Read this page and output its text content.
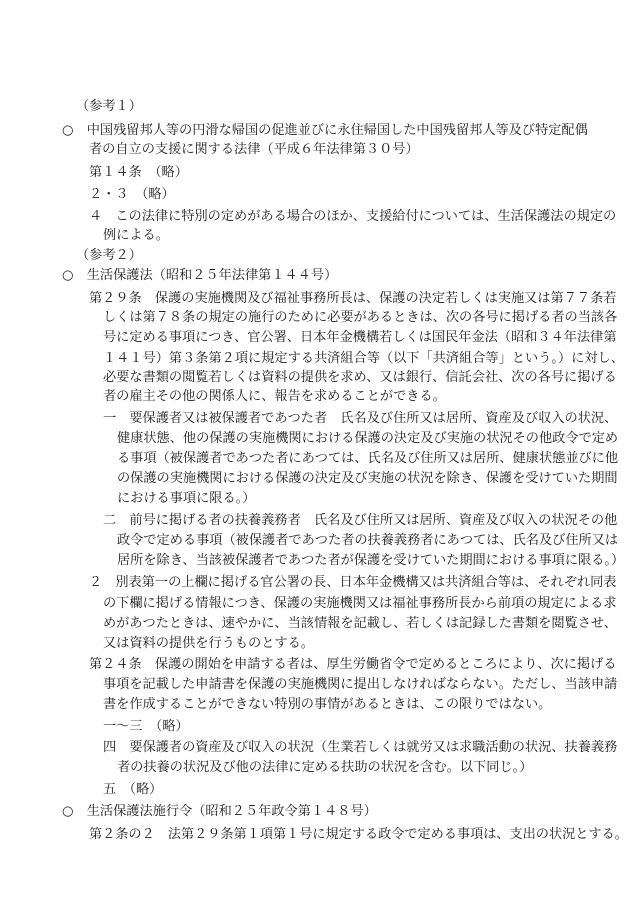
（参考１）
○　中国残留邦人等の円滑な帰国の促進並びに永住帰国した中国残留邦人等及び特定配偶
者の自立の支援に関する法律（平成６年法律第３０号）
第１４条　（略）
２・３　（略）
４　この法律に特別の定めがある場合のほか、支援給付については、生活保護法の規定の
例による。
（参考２）
○　生活保護法（昭和２５年法律第１４４号）
第２９条　保護の実施機関及び福祉事務所長は、保護の決定若しくは実施又は第７７条若
しくは第７８条の規定の施行のために必要があるときは、次の各号に掲げる者の当該各
号に定める事項につき、官公署、日本年金機構若しくは国民年金法（昭和３４年法律第
１４１号）第３条第２項に規定する共済組合等（以下「共済組合等」という。）に対し、
必要な書類の閲覧若しくは資料の提供を求め、又は銀行、信託会社、次の各号に掲げる
者の雇主その他の関係人に、報告を求めることができる。
一　要保護者又は被保護者であつた者　氏名及び住所又は居所、資産及び収入の状況、
健康状態、他の保護の実施機関における保護の決定及び実施の状況その他政令で定め
る事項（被保護者であつた者にあつては、氏名及び住所又は居所、健康状態並びに他
の保護の実施機関における保護の決定及び実施の状況を除き、保護を受けていた期間
における事項に限る。）
二　前号に掲げる者の扶養義務者　氏名及び住所又は居所、資産及び収入の状況その他
政令で定める事項（被保護者であつた者の扶養義務者にあつては、氏名及び住所又は
居所を除き、当該被保護者であつた者が保護を受けていた期間における事項に限る。）
２　別表第一の上欄に掲げる官公署の長、日本年金機構又は共済組合等は、それぞれ同表
の下欄に掲げる情報につき、保護の実施機関又は福祉事務所長から前項の規定による求
めがあつたときは、速やかに、当該情報を記載し、若しくは記録した書類を閲覧させ、
又は資料の提供を行うものとする。
第２４条　保護の開始を申請する者は、厚生労働省令で定めるところにより、次に掲げる
事項を記載した申請書を保護の実施機関に提出しなければならない。ただし、当該申請
書を作成することができない特別の事情があるときは、この限りではない。
一～三　（略）
四　要保護者の資産及び収入の状況（生業若しくは就労又は求職活動の状況、扶養義務
者の扶養の状況及び他の法律に定める扶助の状況を含む。以下同じ。）
五　（略）
○　生活保護法施行令（昭和２５年政令第１４８号）
第２条の２　法第２９条第１項第１号に規定する政令で定める事項は、支出の状況とする。
